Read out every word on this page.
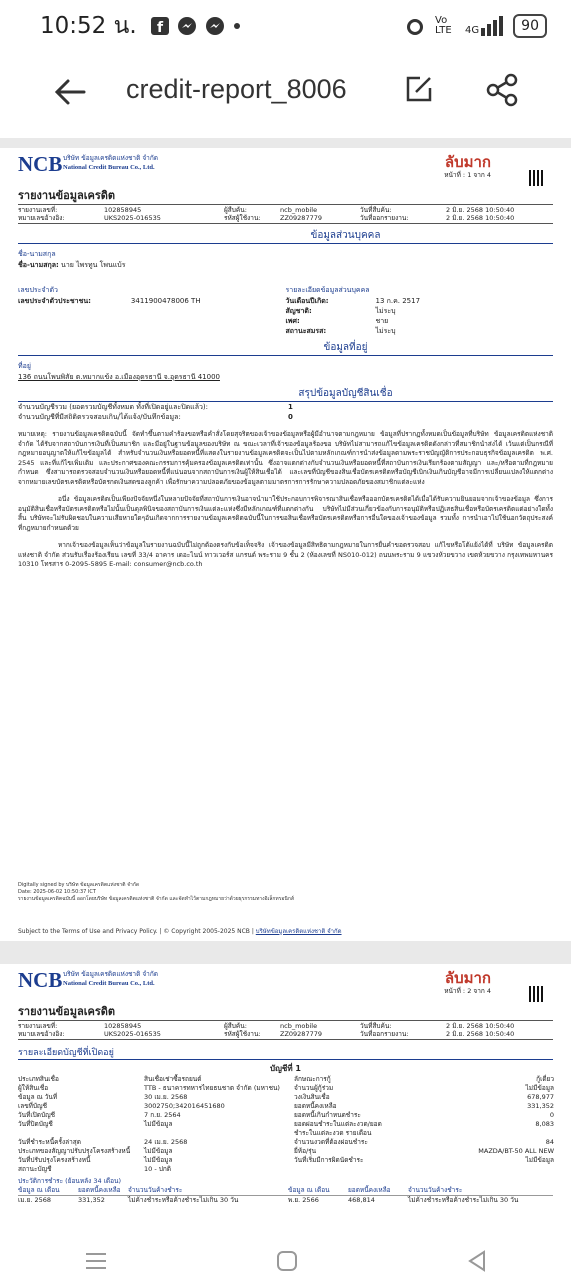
10:52 น. f	Vo LTE	4G	90
credit-report_8006
NCB บริษัท ข้อมูลเครดิตแห่งชาติ จำกัด
National Credit Bureau Co., Ltd.	ลับมาก
หน้าที่ : 1 จาก 4
รายงานข้อมูลเครดิต
รายงานเลขที่:	102858945	ผู้สืบค้น:	ncb_mobile	วันที่สืบค้น:	2 มิ.ย. 2568 10:50:40
หมายเลขอ้างอิง:	UKS2025-016535	รหัสผู้ใช้งาน:	ZZ09287779	วันที่ออกรายงาน:	2 มิ.ย. 2568 10:50:40
ข้อมูลส่วนบุคคล
ชื่อ-นามสกุล
ชื่อ-นามสกุล: นาย ไพรทูน โพนแบ้ร
เลขประจำตัว
เลขประจำตัวประชาชน:	3411900478006 TH
รายละเอียดข้อมูลส่วนบุคคล
วันเดือนปีเกิด:	13 ก.ค. 2517
สัญชาติ:	ไม่ระบุ
เพศ:	ชาย
สถานะสมรส:	ไม่ระบุ
ข้อมูลที่อยู่
ที่อยู่
136 ถนนโพนพิสัย ต.หมากแข้ง อ.เมืองอุดรธานี จ.อุดรธานี 41000
สรุปข้อมูลบัญชีสินเชื่อ
จำนวนบัญชีรวม (ยอดรวมบัญชีทั้งหมด ทั้งที่เปิดอยู่และปิดแล้ว):	1
จำนวนบัญชีที่มีสถิติตรวจสอบเกิน/ได้แจ้ง/บันทึกข้อมูล:	0
หมายเหตุ: รายงานข้อมูลเครดิตฉบับนี้ จัดทำขึ้นตามคำร้องขอหรือคำสั่งโดยสุจริตของเจ้าของข้อมูลหรือผู้มีอำนาจตามกฎหมาย ข้อมูลที่ปรากฏทั้งหมดเป็นข้อมูลที่บริษัท ข้อมูลเครดิตแห่งชาติ จำกัด ได้รับจากสถาบันการเงินที่เป็นสมาชิก และมีอยู่ในฐานข้อมูลของบริษัท ณ ขณะเวลาที่เจ้าของข้อมูลร้องขอ บริษัทไม่สามารถแก้ไขข้อมูลเครดิตดังกล่าวที่สมาชิกนำส่งได้ เว้นแต่เป็นกรณีที่กฎหมายอนุญาตให้แก้ไขข้อมูลได้ สำหรับจำนวนเงินหรือยอดหนี้ที่แสดงในรายงานข้อมูลเครดิตจะเป็นไปตามหลักเกณฑ์การนำส่งข้อมูลตามพระราชบัญญัติการประกอบธุรกิจข้อมูลเครดิต พ.ศ. 2545 และที่แก้ไขเพิ่มเติม และประกาศของคณะกรรมการคุ้มครองข้อมูลเครดิตเท่านั้น ซึ่งอาจแตกต่างกับจำนวนเงินหรือยอดหนี้ที่สถาบันการเงินเรียกร้องตามสัญญา และ/หรือตามที่กฎหมายกำหนด ซึ่งสามารถตรวจสอบจำนวนเงินหรือยอดหนี้ที่แน่นอนจากสถาบันการเงินผู้ให้สินเชื่อได้ และเลขที่บัญชีของสินเชื่อบัตรเครดิตหรือบัญชีเบิกเงินเกินบัญชีอาจมีการเปลี่ยนแปลงให้แตกต่างจากหมายเลขบัตรเครดิตหรือบัตรกดเงินสดของลูกค้า เพื่อรักษาความปลอดภัยของข้อมูลตามมาตรการการรักษาความปลอดภัยของสมาชิกแต่ละแห่ง
อนึ่ง ข้อมูลเครดิตเป็นเพียงปัจจัยหนึ่งในหลายปัจจัยที่สถาบันการเงินอาจนำมาใช้ประกอบการพิจารณาสินเชื่อหรือออกบัตรเครดิตได้เมื่อได้รับความยินยอมจากเจ้าของข้อมูล ซึ่งการอนุมัติสินเชื่อหรือบัตรเครดิตหรือไม่นั้นเป็นดุลพินิจของสถาบันการเงินแต่ละแห่งซึ่งมีหลักเกณฑ์ที่แตกต่างกัน บริษัทไม่มีส่วนเกี่ยวข้องกับการอนุมัติหรือปฏิเสธสินเชื่อหรือบัตรเครดิตแต่อย่างใดทั้งสิ้น บริษัทจะไม่รับผิดชอบในความเสียหายใดๆอันเกิดจากการรายงานข้อมูลเครดิตฉบับนี้ในการขอสินเชื่อหรือบัตรเครดิตหรือการอื่นใดของเจ้าของข้อมูล รวมทั้ง การนำเอาไปใช้นอกวัตถุประสงค์ที่กฎหมายกำหนดด้วย
หากเจ้าของข้อมูลเห็นว่าข้อมูลในรายงานฉบับนี้ไม่ถูกต้องตรงกับข้อเท็จจริง เจ้าของข้อมูลมีสิทธิตามกฎหมายในการยื่นคำขอตรวจสอบ แก้ไขหรือโต้แย้งได้ที่ บริษัท ข้อมูลเครดิตแห่งชาติ จำกัด ส่วนรับเรื่องร้องเรียน เลขที่ 33/4 อาคาร เดอะไนน์ ทาวเวอร์ส แกรนด์ พระราม 9 ชั้น 2 (ห้องเลขที่ NS010-012) ถนนพระราม 9 แขวงห้วยขวาง เขตห้วยขวาง กรุงเทพมหานคร 10310 โทรสาร 0-2095-5895 E-mail: consumer@ncb.co.th
Digitally signed by บริษัท ข้อมูลเครดิตแห่งชาติ จำกัด
Date: 2025-06-02 10:50:37 ICT
รายงานข้อมูลเครดิตฉบับนี้ ออกโดยบริษัท ข้อมูลเครดิตแห่งชาติ จำกัด และจัดทำไว้ตามกฎหมายว่าด้วยธุรกรรมทางอิเล็กทรอนิกส์
Subject to the Terms of Use and Privacy Policy. | © Copyright 2005-2025 NCB | บริษัทข้อมูลเครดิตแห่งชาติ จำกัด
NCB บริษัท ข้อมูลเครดิตแห่งชาติ จำกัด
National Credit Bureau Co., Ltd.	ลับมาก
หน้าที่ : 2 จาก 4
รายงานข้อมูลเครดิต
รายงานเลขที่:	102858945	ผู้สืบค้น:	ncb_mobile	วันที่สืบค้น:	2 มิ.ย. 2568 10:50:40
หมายเลขอ้างอิง:	UKS2025-016535	รหัสผู้ใช้งาน:	ZZ09287779	วันที่ออกรายงาน:	2 มิ.ย. 2568 10:50:40
รายละเอียดบัญชีที่เปิดอยู่
บัญชีที่ 1
ประเภทสินเชื่อ	สินเชื่อเช่าซื้อรถยนต์	ลักษณะการกู้	กู้เดี่ยว
ผู้ให้สินเชื่อ	TTB - ธนาคารทหารไทยธนชาต จำกัด (มหาชน)	จำนวนผู้กู้ร่วม	ไม่มีข้อมูล
ข้อมูล ณ วันที่	30 เม.ย. 2568	วงเงินสินเชื่อ	678,977
เลขที่บัญชี	3002750;342016451680	ยอดหนี้คงเหลือ	331,352
วันที่เปิดบัญชี	7 ก.ย. 2564	ยอดหนี้เกินกำหนดชำระ	0
วันที่ปิดบัญชี	ไม่มีข้อมูล	ยอดผ่อนชำระในแต่ละงวด/ยอดชำระในแต่ละงวด รายเดือน
8,083
วันที่ชำระหนี้ครั้งล่าสุด	24 เม.ย. 2568	จำนวนงวดที่ต้องผ่อนชำระ	84
ประเภทของสัญญาปรับปรุงโครงสร้างหนี้	ไม่มีข้อมูล	ยี่ห้อ/รุ่น	MAZDA/BT-50 ALL NEW
วันที่ปรับปรุงโครงสร้างหนี้	ไม่มีข้อมูล	วันที่เริ่มมีการผิดนัดชำระ	ไม่มีข้อมูล
สถานะบัญชี	10 - ปกติ
ประวัติการชำระ (ย้อนหลัง 34 เดือน)
ข้อมูล ณ เดือน	ยอดหนี้คงเหลือ	จำนวนวันค้างชำระ	ข้อมูล ณ เดือน	ยอดหนี้คงเหลือ	จำนวนวันค้างชำระ
เม.ย. 2568	331,352	ไม่ค้างชำระหรือค้างชำระไม่เกิน 30 วัน	พ.ย. 2566	468,814	ไม่ค้างชำระหรือค้างชำระไม่เกิน 30 วัน
